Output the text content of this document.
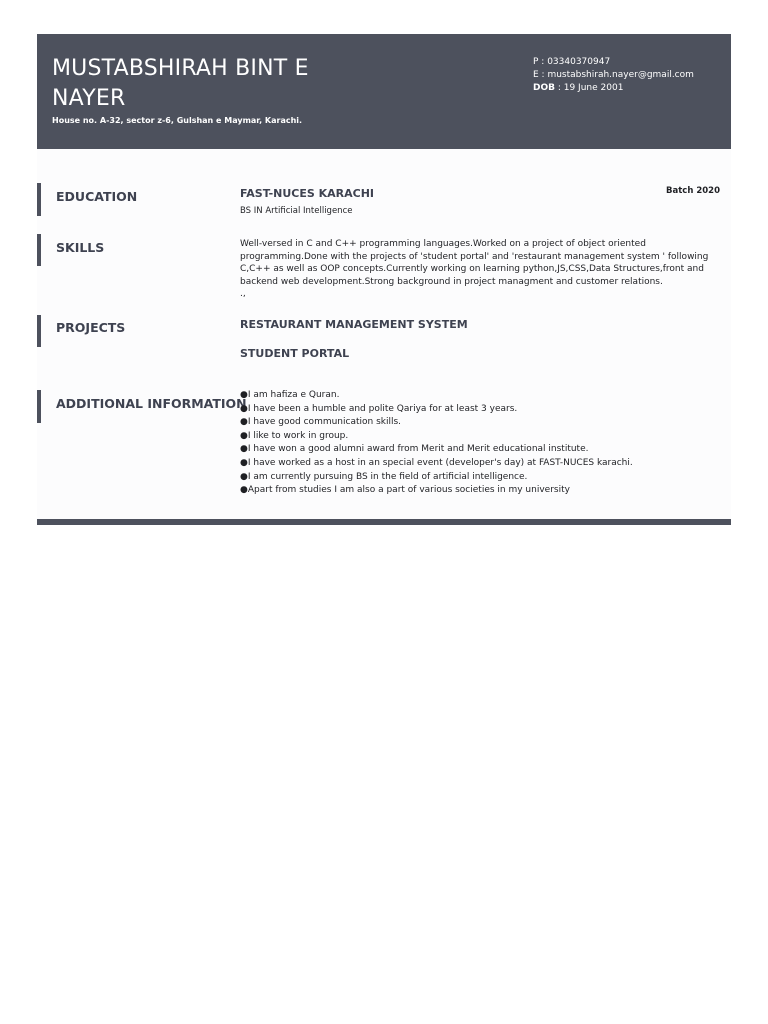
MUSTABSHIRAH BINT E NAYER
House no. A-32, sector z-6, Gulshan e Maymar, Karachi.
P : 03340370947
E : mustabshirah.nayer@gmail.com
DOB : 19 June 2001
EDUCATION	FAST-NUCES KARACHI
BS IN Artificial Intelligence
Batch 2020
SKILLS	Well-versed in C and C++ programming languages.Worked on a project of object oriented programming.Done with the projects of 'student portal' and 'restaurant management system ' following C,C++ as well as OOP concepts.Currently working on learning python,JS,CSS,Data Structures,front and backend web development.Strong background in project managment and customer relations.
.,
PROJECTS	RESTAURANT MANAGEMENT SYSTEM
STUDENT PORTAL
ADDITIONAL INFORMATION
●I am hafiza e Quran.
●I have been a humble and polite Qariya for at least 3 years.
●I have good communication skills.
●I like to work in group.
●I have won a good alumni award from Merit and Merit educational institute.
●I have worked as a host in an special event (developer's day) at FAST-NUCES karachi.
●I am currently pursuing BS in the field of artificial intelligence.
●Apart from studies I am also a part of various societies in my university
